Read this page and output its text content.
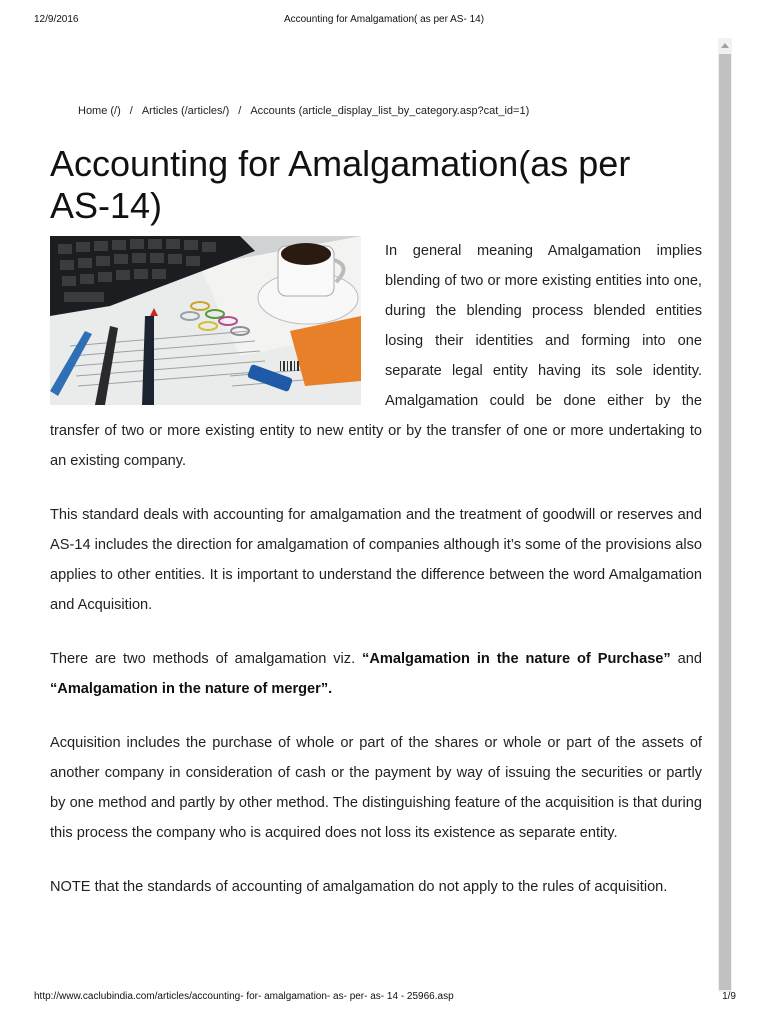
12/9/2016	Accounting for Amalgamation( as per AS- 14)
Home (/) / Articles (/articles/) / Accounts (article_display_list_by_category.asp?cat_id=1)
Accounting for Amalgamation(as per AS-14)

In general meaning Amalgamation implies blending of two or more existing entities into one, during the blending process blended entities losing their identities and forming into one separate legal entity having its sole identity. Amalgamation could be done either by the transfer of two or more existing entity to new entity or by the transfer of one or more undertaking to an existing company.

This standard deals with accounting for amalgamation and the treatment of goodwill or reserves and AS-14 includes the direction for amalgamation of companies although it’s some of the provisions also applies to other entities. It is important to understand the difference between the word Amalgamation and Acquisition.

There are two methods of amalgamation viz. “Amalgamation in the nature of Purchase” and “Amalgamation in the nature of merger”.

Acquisition includes the purchase of whole or part of the shares or whole or part of the assets of another company in consideration of cash or the payment by way of issuing the securities or partly by one method and partly by other method. The distinguishing feature of the acquisition is that during this process the company who is acquired does not loss its existence as separate entity.

NOTE that the standards of accounting of amalgamation do not apply to the rules of acquisition.

http://www.caclubindia.com/articles/accounting- for- amalgamation- as- per- as- 14 - 25966.asp	1/9
